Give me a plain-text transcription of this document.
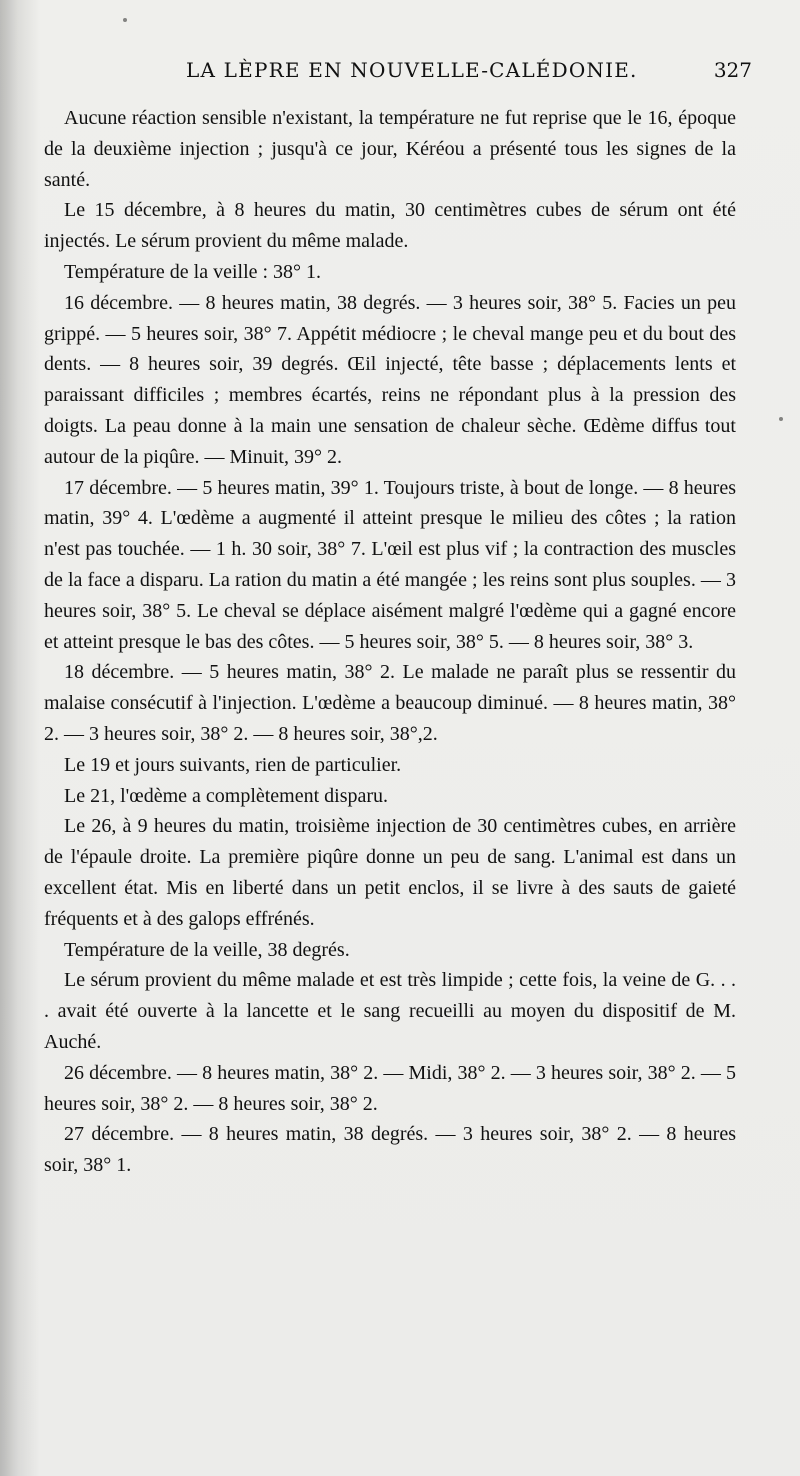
LA LÈPRE EN NOUVELLE-CALÉDONIE.	327

Aucune réaction sensible n'existant, la température ne fut reprise que le 16, époque de la deuxième injection ; jusqu'à ce jour, Kéréou a présenté tous les signes de la santé.

Le 15 décembre, à 8 heures du matin, 30 centimètres cubes de sérum ont été injectés. Le sérum provient du même malade.

Température de la veille : 38° 1.

16 décembre. — 8 heures matin, 38 degrés. — 3 heures soir, 38° 5. Facies un peu grippé. — 5 heures soir, 38° 7. Appétit médiocre ; le cheval mange peu et du bout des dents. — 8 heures soir, 39 degrés. Œil injecté, tête basse ; déplacements lents et paraissant difficiles ; membres écartés, reins ne répondant plus à la pression des doigts. La peau donne à la main une sensation de chaleur sèche. Œdème diffus tout autour de la piqûre. — Minuit, 39° 2.

17 décembre. — 5 heures matin, 39° 1. Toujours triste, à bout de longe. — 8 heures matin, 39° 4. L'œdème a augmenté il atteint presque le milieu des côtes ; la ration n'est pas touchée. — 1 h. 30 soir, 38° 7. L'œil est plus vif ; la contraction des muscles de la face a disparu. La ration du matin a été mangée ; les reins sont plus souples. — 3 heures soir, 38° 5. Le cheval se déplace aisément malgré l'œdème qui a gagné encore et atteint presque le bas des côtes. — 5 heures soir, 38° 5. — 8 heures soir, 38° 3.

18 décembre. — 5 heures matin, 38° 2. Le malade ne paraît plus se ressentir du malaise consécutif à l'injection. L'œdème a beaucoup diminué. — 8 heures matin, 38° 2. — 3 heures soir, 38° 2. — 8 heures soir, 38°,2.

Le 19 et jours suivants, rien de particulier.

Le 21, l'œdème a complètement disparu.

Le 26, à 9 heures du matin, troisième injection de 30 centimètres cubes, en arrière de l'épaule droite. La première piqûre donne un peu de sang. L'animal est dans un excellent état. Mis en liberté dans un petit enclos, il se livre à des sauts de gaieté fréquents et à des galops effrénés.

Température de la veille, 38 degrés.

Le sérum provient du même malade et est très limpide ; cette fois, la veine de G. . . . avait été ouverte à la lancette et le sang recueilli au moyen du dispositif de M. Auché.

26 décembre. — 8 heures matin, 38° 2. — Midi, 38° 2. — 3 heures soir, 38° 2. — 5 heures soir, 38° 2. — 8 heures soir, 38° 2.

27 décembre. — 8 heures matin, 38 degrés. — 3 heures soir, 38° 2. — 8 heures soir, 38° 1.
